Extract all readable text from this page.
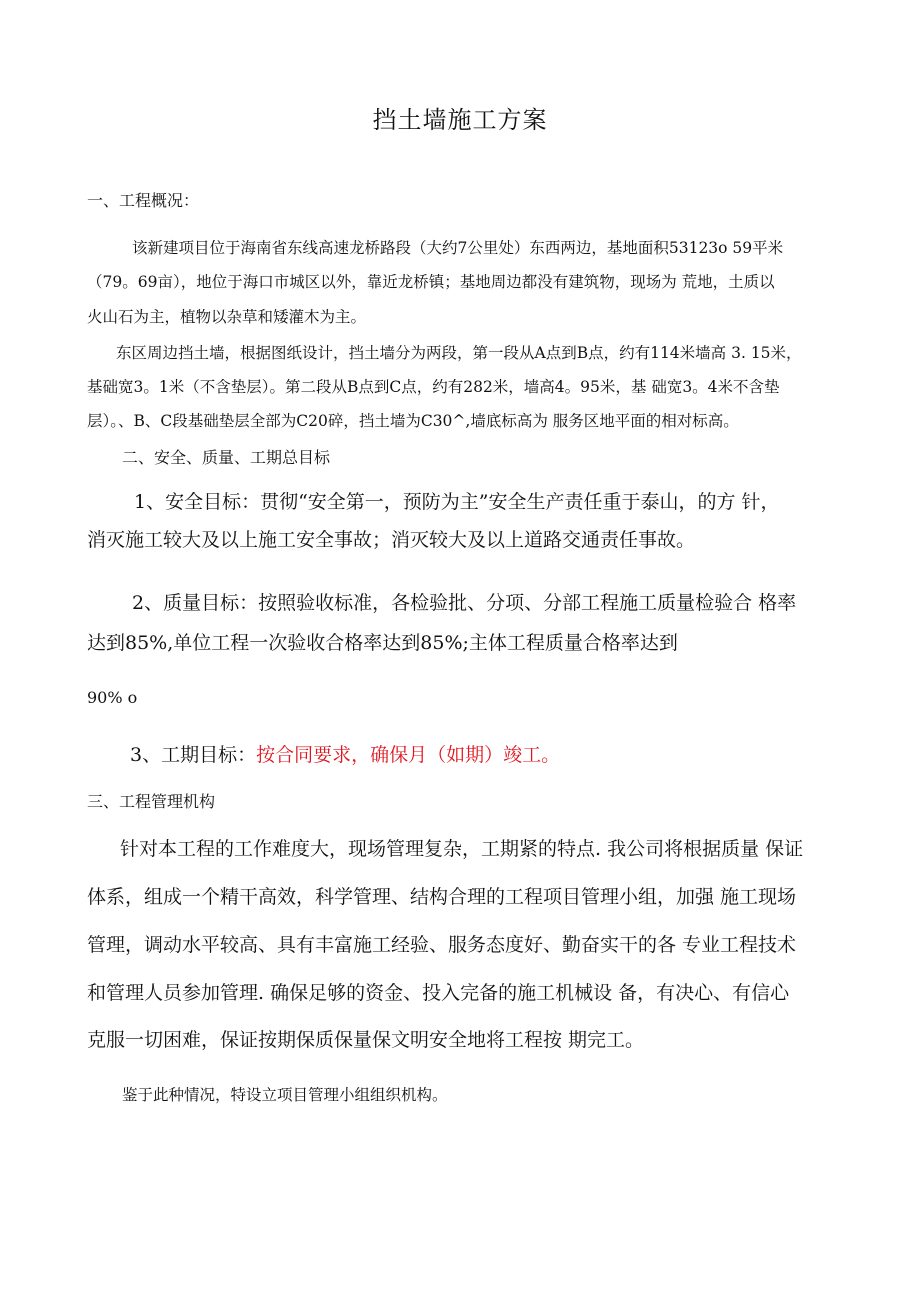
挡土墙施工方案
一、工程概况：
该新建项目位于海南省东线高速龙桥路段（大约7公里处）东西两边，基地面积53123o 59平米
（79。69亩），地位于海口市城区以外，靠近龙桥镇；基地周边都没有建筑物，现场为 荒地，土质以
火山石为主，植物以杂草和矮灌木为主。
东区周边挡土墙，根据图纸设计，挡土墙分为两段，第一段从A点到B点，约有114米墙高 3. 15米，
基础宽3。1米（不含垫层）。第二段从B点到C点，约有282米，墙高4。95米，基 础宽3。4米不含垫
层）。、B、C段基础垫层全部为C20碎，挡土墙为C30^,墙底标高为 服务区地平面的相对标高。
二、安全、质量、工期总目标
1、安全目标：贯彻“安全第一，预防为主”安全生产责任重于泰山，的方 针，
消灭施工较大及以上施工安全事故；消灭较大及以上道路交通责任事故。
2、质量目标：按照验收标准，各检验批、分项、分部工程施工质量检验合 格率
达到85%,单位工程一次验收合格率达到85%;主体工程质量合格率达到
90% o
3、工期目标：按合同要求，确保月（如期）竣工。
三、工程管理机构
针对本工程的工作难度大，现场管理复杂，工期紧的特点. 我公司将根据质量 保证
体系，组成一个精干高效，科学管理、结构合理的工程项目管理小组，加强 施工现场
管理，调动水平较高、具有丰富施工经验、服务态度好、勤奋实干的各 专业工程技术
和管理人员参加管理. 确保足够的资金、投入完备的施工机械设 备，有决心、有信心
克服一切困难，保证按期保质保量保文明安全地将工程按 期完工。
鉴于此种情况，特设立项目管理小组组织机构。
